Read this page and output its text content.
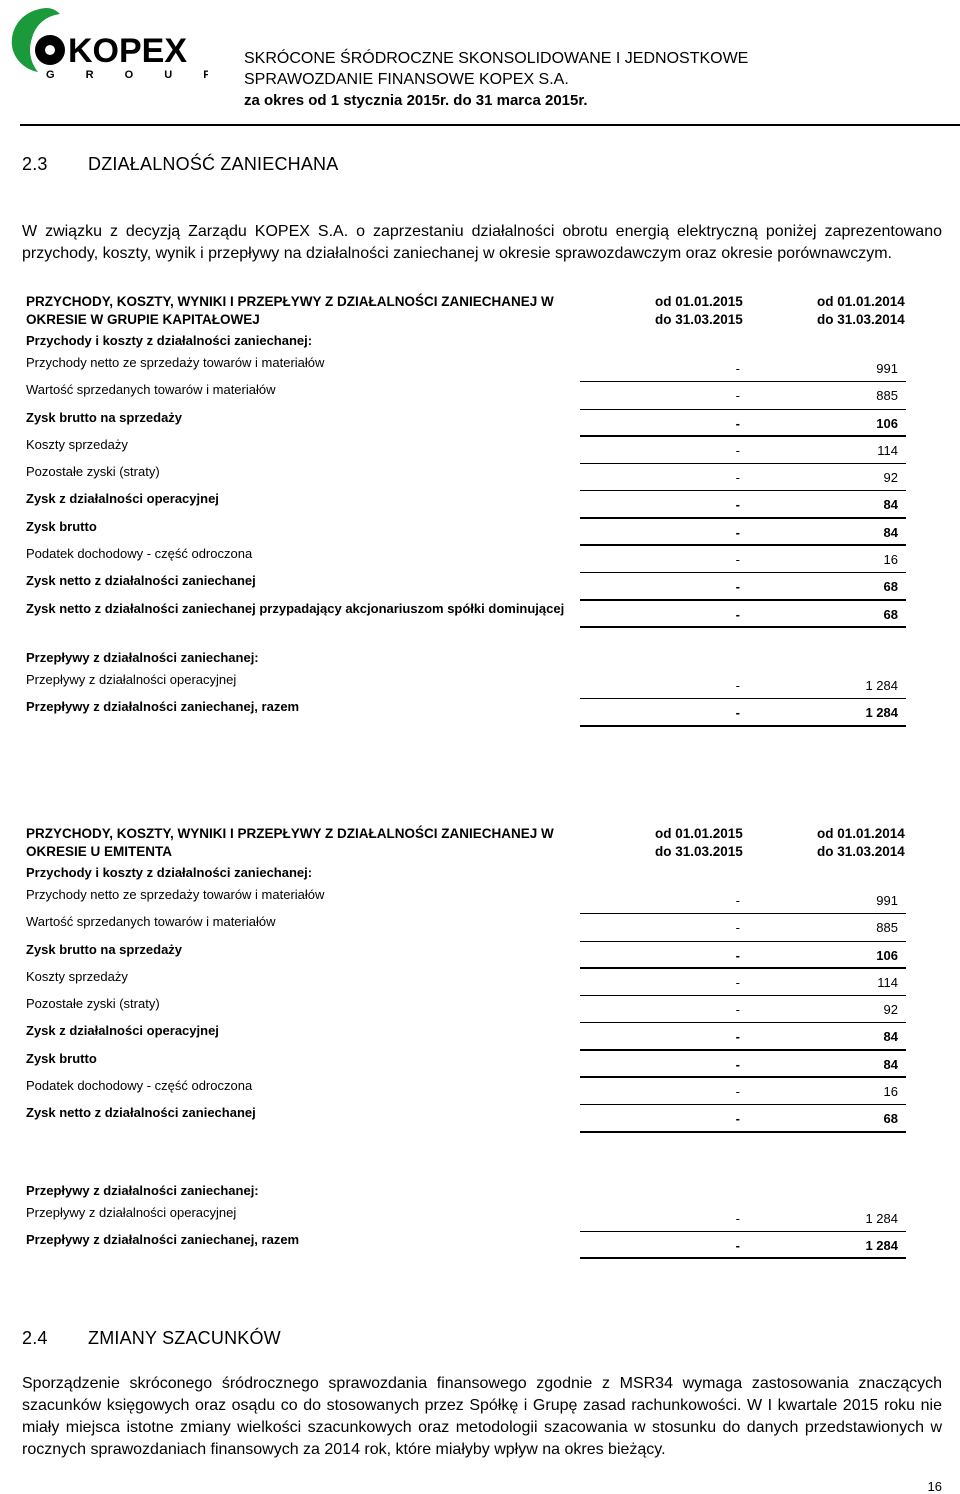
KOPEX
G R O U P
SKRÓCONE ŚRÓDROCZNE SKONSOLIDOWANE I JEDNOSTKOWE
SPRAWOZDANIE FINANSOWE KOPEX S.A.
za okres od 1 stycznia 2015r. do 31 marca 2015r.
2.3 DZIAŁALNOŚĆ ZANIECHANA
W związku z decyzją Zarządu KOPEX S.A. o zaprzestaniu działalności obrotu energią elektryczną poniżej zaprezentowano przychody, koszty, wynik i przepływy na działalności zaniechanej w okresie sprawozdawczym oraz okresie porównawczym.
PRZYCHODY, KOSZTY, WYNIKI I PRZEPŁYWY Z DZIAŁALNOŚCI ZANIECHANEJ W OKRESIE W GRUPIE KAPITAŁOWEJ
od 01.01.2015
do 31.03.2015
od 01.01.2014
do 31.03.2014
Przychody i koszty z działalności zaniechanej:
Przychody netto ze sprzedaży towarów i materiałów	-	991
Wartość sprzedanych towarów i materiałów	-	885
Zysk brutto na sprzedaży	-	106
Koszty sprzedaży	-	114
Pozostałe zyski (straty)	-	92
Zysk z działalności operacyjnej	-	84
Zysk brutto	-	84
Podatek dochodowy - część odroczona	-	16
Zysk netto z działalności zaniechanej	-	68
Zysk netto z działalności zaniechanej przypadający akcjonariuszom spółki dominującej	-	68
Przepływy z działalności zaniechanej:
Przepływy z działalności operacyjnej	-	1 284
Przepływy z działalności zaniechanej, razem	-	1 284
PRZYCHODY, KOSZTY, WYNIKI I PRZEPŁYWY Z DZIAŁALNOŚCI ZANIECHANEJ W OKRESIE U EMITENTA
od 01.01.2015
do 31.03.2015
od 01.01.2014
do 31.03.2014
Przychody i koszty z działalności zaniechanej:
Przychody netto ze sprzedaży towarów i materiałów	-	991
Wartość sprzedanych towarów i materiałów	-	885
Zysk brutto na sprzedaży	-	106
Koszty sprzedaży	-	114
Pozostałe zyski (straty)	-	92
Zysk z działalności operacyjnej	-	84
Zysk brutto	-	84
Podatek dochodowy - część odroczona	-	16
Zysk netto z działalności zaniechanej	-	68
Przepływy z działalności zaniechanej:
Przepływy z działalności operacyjnej	-	1 284
Przepływy z działalności zaniechanej, razem	-	1 284
2.4 ZMIANY SZACUNKÓW
Sporządzenie skróconego śródrocznego sprawozdania finansowego zgodnie z MSR34 wymaga zastosowania znaczących szacunków księgowych oraz osądu co do stosowanych przez Spółkę i Grupę zasad rachunkowości. W I kwartale 2015 roku nie miały miejsca istotne zmiany wielkości szacunkowych oraz metodologii szacowania w stosunku do danych przedstawionych w rocznych sprawozdaniach finansowych za 2014 rok, które miałyby wpływ na okres bieżący.
16
